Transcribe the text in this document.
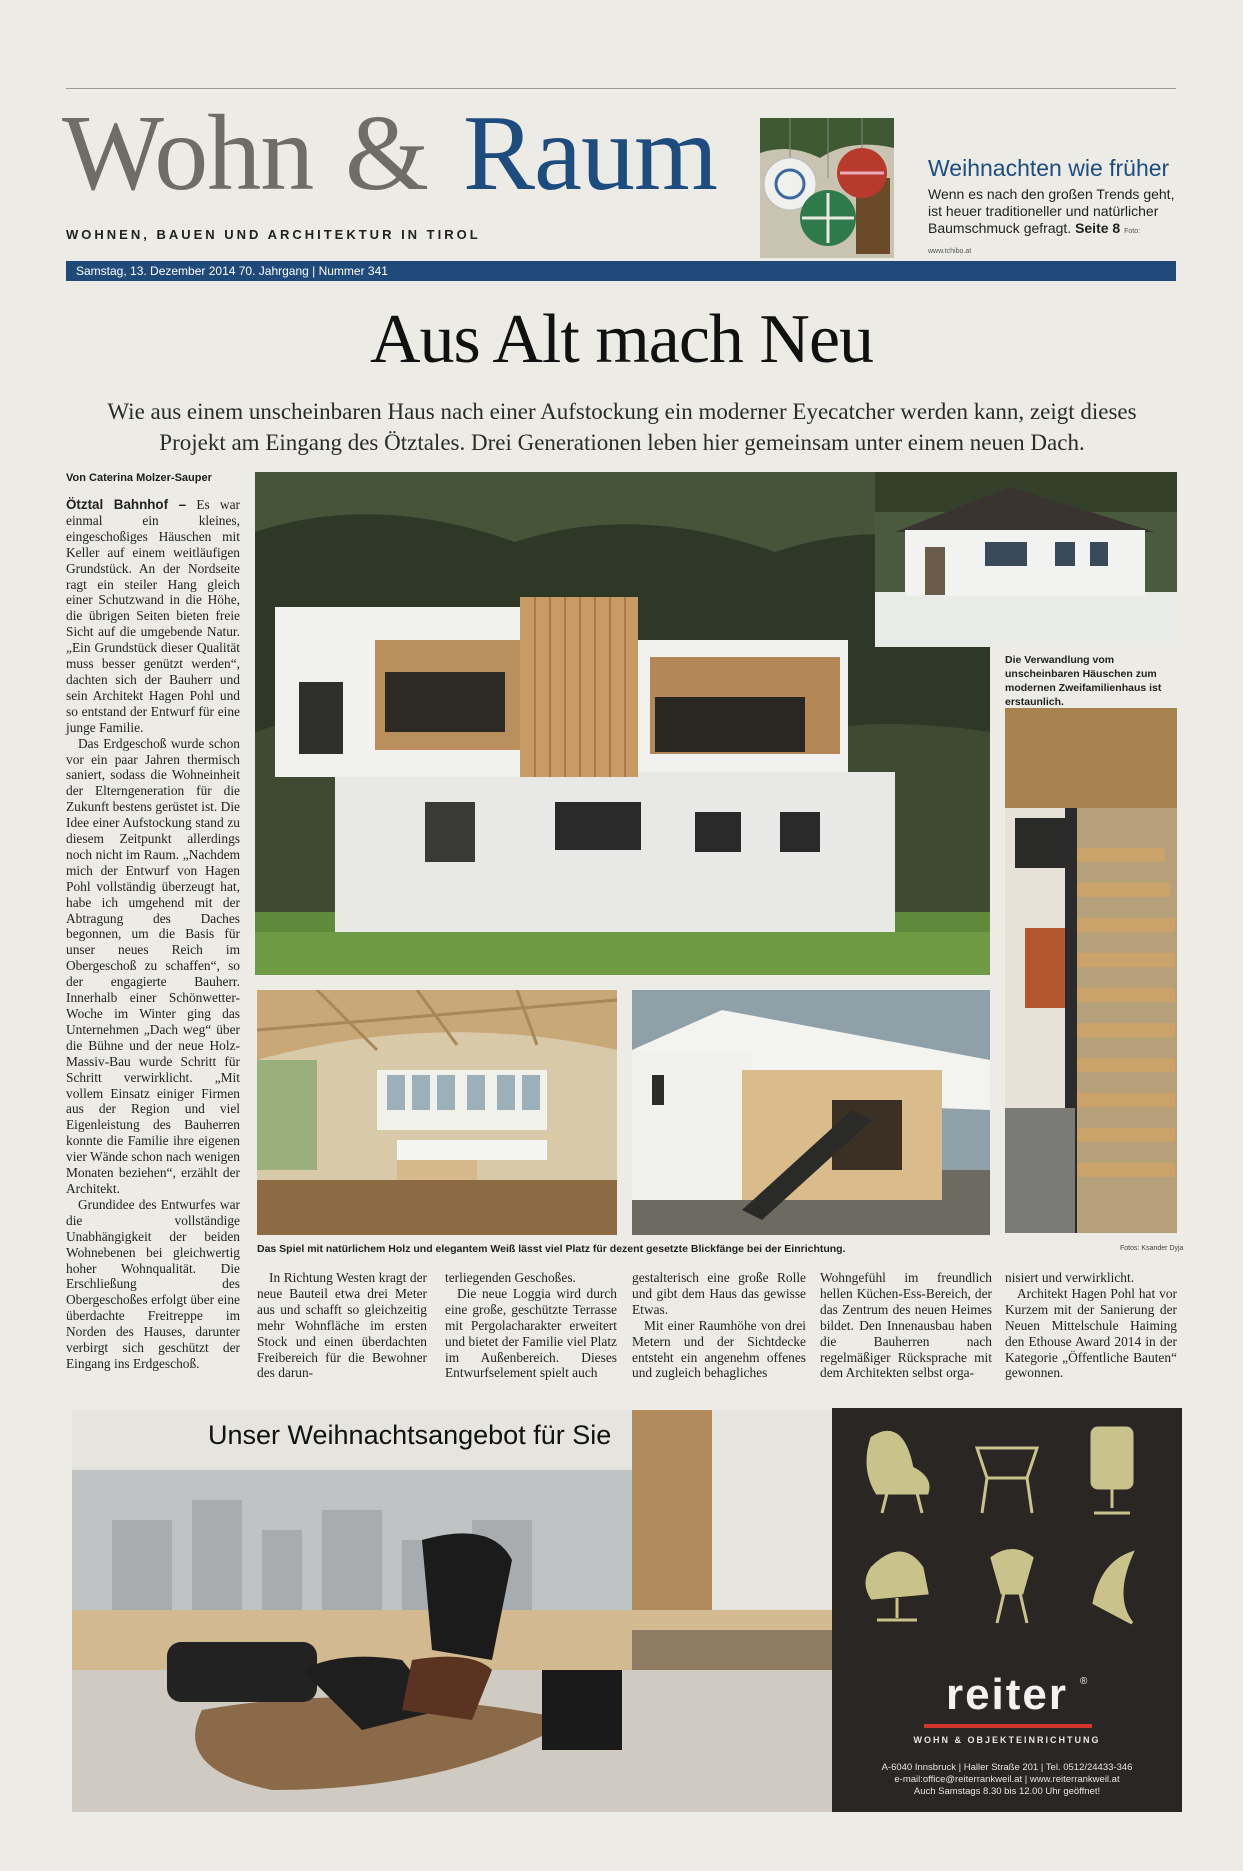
Wohn & Raum
WOHNEN, BAUEN UND ARCHITEKTUR IN TIROL
Weihnachten wie früher
Wenn es nach den großen Trends geht, ist heuer traditioneller und natürlicher Baumschmuck gefragt. Seite 8 Foto: www.tchibo.at
Samstag, 13. Dezember 2014 70. Jahrgang | Nummer 341
Aus Alt mach Neu
Wie aus einem unscheinbaren Haus nach einer Aufstockung ein moderner Eyecatcher werden kann, zeigt dieses Projekt am Eingang des Ötztales. Drei Generationen leben hier gemeinsam unter einem neuen Dach.
Von Caterina Molzer-Sauper

Ötztal Bahnhof – Es war einmal ein kleines, eingeschoßiges Häuschen mit Keller auf einem weitläufigen Grundstück. An der Nordseite ragt ein steiler Hang gleich einer Schutzwand in die Höhe, die übrigen Seiten bieten freie Sicht auf die umgebende Natur. „Ein Grundstück dieser Qualität muss besser genützt werden“, dachten sich der Bauherr und sein Architekt Hagen Pohl und so entstand der Entwurf für eine junge Familie.

Das Erdgeschoß wurde schon vor ein paar Jahren thermisch saniert, sodass die Wohneinheit der Elterngeneration für die Zukunft bestens gerüstet ist. Die Idee einer Aufstockung stand zu diesem Zeitpunkt allerdings noch nicht im Raum. „Nachdem mich der Entwurf von Hagen Pohl vollständig überzeugt hat, habe ich umgehend mit der Abtragung des Daches begonnen, um die Basis für unser neues Reich im Obergeschoß zu schaffen“, so der engagierte Bauherr. Innerhalb einer Schönwetter-Woche im Winter ging das Unternehmen „Dach weg“ über die Bühne und der neue Holz-Massiv-Bau wurde Schritt für Schritt verwirklicht. „Mit vollem Einsatz einiger Firmen aus der Region und viel Eigenleistung des Bauherren konnte die Familie ihre eigenen vier Wände schon nach wenigen Monaten beziehen“, erzählt der Architekt.

Grundidee des Entwurfes war die vollständige Unabhängigkeit der beiden Wohnebenen bei gleichwertig hoher Wohnqualität. Die Erschließung des Obergeschoßes erfolgt über eine überdachte Freitreppe im Norden des Hauses, darunter verbirgt sich geschützt der Eingang ins Erdgeschoß.

Die Verwandlung vom unscheinbaren Häuschen zum modernen Zweifamilienhaus ist erstaunlich.
Das Spiel mit natürlichem Holz und elegantem Weiß lässt viel Platz für dezent gesetzte Blickfänge bei der Einrichtung.	Fotos: Ksander Dyja

In Richtung Westen kragt der neue Bauteil etwa drei Meter aus und schafft so gleichzeitig mehr Wohnfläche im ersten Stock und einen überdachten Freibereich für die Bewohner des darun-

terliegenden Geschoßes.

Die neue Loggia wird durch eine große, geschützte Terrasse mit Pergolacharakter erweitert und bietet der Familie viel Platz im Außenbereich. Dieses Entwurfselement spielt auch

gestalterisch eine große Rolle und gibt dem Haus das gewisse Etwas.

Mit einer Raumhöhe von drei Metern und der Sichtdecke entsteht ein angenehm offenes und zugleich behagliches

Wohngefühl im freundlich hellen Küchen-Ess-Bereich, der das Zentrum des neuen Heimes bildet. Den Innenausbau haben die Bauherren nach regelmäßiger Rücksprache mit dem Architekten selbst orga-

nisiert und verwirklicht.

Architekt Hagen Pohl hat vor Kurzem mit der Sanierung der Neuen Mittelschule Haiming den Ethouse Award 2014 in der Kategorie „Öffentliche Bauten“ gewonnen.

Unser Weihnachtsangebot für Sie
reiter	®
WOHN & OBJEKTEINRICHTUNG
A-6040 Innsbruck | Haller Straße 201 | Tel. 0512/24433-346
e-mail:office@reiterrankweil.at | www.reiterrankweil.at
Auch Samstags 8.30 bis 12.00 Uhr geöffnet!
